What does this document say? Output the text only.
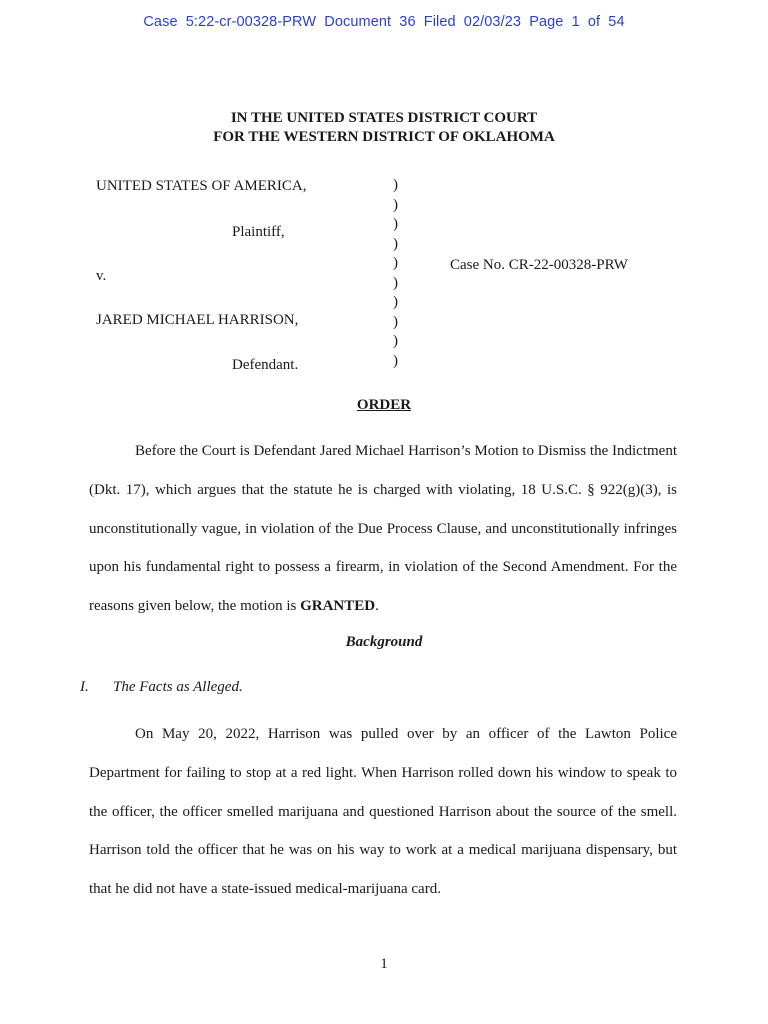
Case 5:22-cr-00328-PRW Document 36 Filed 02/03/23 Page 1 of 54
IN THE UNITED STATES DISTRICT COURT
FOR THE WESTERN DISTRICT OF OKLAHOMA
UNITED STATES OF AMERICA,
Plaintiff,
v.
JARED MICHAEL HARRISON,
Defendant.
Case No. CR-22-00328-PRW
)
)
)
)
)
)
)
)
)
)
ORDER
Before the Court is Defendant Jared Michael Harrison’s Motion to Dismiss the Indictment (Dkt. 17), which argues that the statute he is charged with violating, 18 U.S.C. § 922(g)(3), is unconstitutionally vague, in violation of the Due Process Clause, and unconstitutionally infringes upon his fundamental right to possess a firearm, in violation of the Second Amendment. For the reasons given below, the motion is GRANTED.
Background
I. The Facts as Alleged.
On May 20, 2022, Harrison was pulled over by an officer of the Lawton Police Department for failing to stop at a red light. When Harrison rolled down his window to speak to the officer, the officer smelled marijuana and questioned Harrison about the source of the smell. Harrison told the officer that he was on his way to work at a medical marijuana dispensary, but that he did not have a state-issued medical-marijuana card.
1
